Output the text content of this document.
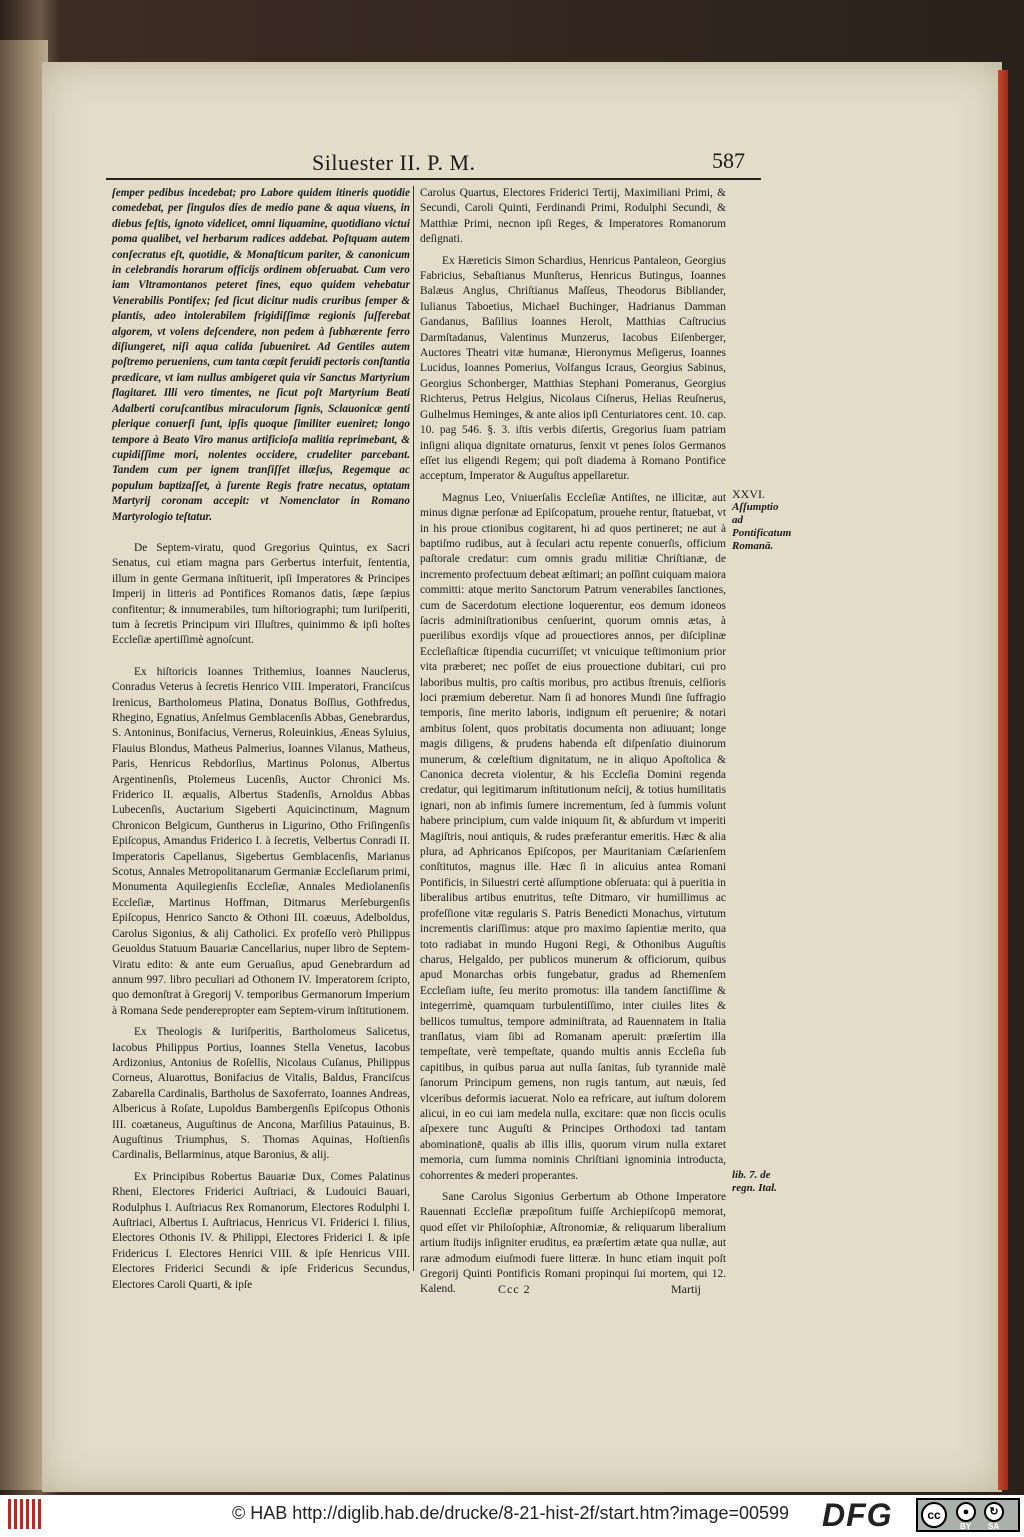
Siluester II. P. M.	587

ſemper pedibus incedebat; pro Labore quidem itineris quotidie comedebat, per ſingulos dies de medio pane & aqua viuens, in diebus feſtis, ignoto videlicet, omni liquamine, quotidiano victui poma qualibet, vel herbarum radices addebat. Poſtquam autem conſecratus eſt, quotidie, & Monaſticum pariter, & canonicum in celebrandis horarum officijs ordinem obſeruabat. Cum vero iam Vltramontanos peteret fines, equo quidem vehebatur Venerabilis Pontifex; ſed ſicut dicitur nudis cruribus ſemper & plantis, adeo intolerabilem frigidiſſimæ regionis ſuſferebat algorem, vt volens deſcendere, non pedem à ſubhærente ferro diſiungeret, niſi aqua calida ſubueniret. Ad Gentiles autem poſtremo perueniens, cum tanta cœpit feruidi pectoris conſtantia prædicare, vt iam nullus ambigeret quia vir Sanctus Martyrium flagitaret. Illi vero timentes, ne ſicut poſt Martyrium Beati Adalberti coruſcantibus miraculorum ſignis, Sclauonicæ genti plerique conuerſi ſunt, ipſis quoque ſimiliter eueniret; longo tempore à Beato Viro manus artificioſa malitia reprimebant, & cupidiſſime mori, nolentes occidere, crudeliter parcebant. Tandem cum per ignem tranſiſſet illæſus, Regemque ac populum baptizaſſet, à ſurente Regis fratre necatus, optatam Martyrij coronam accepit: vt Nomenclator in Romano Martyrologio teſtatur.

De Septem-viratu, quod Gregorius Quintus, ex Sacri Senatus, cui etiam magna pars Gerbertus interfuit, ſententia, illum in gente Germana inſtituerit, ipſi Imperatores & Principes Imperij in litteris ad Pontifices Romanos datis, ſæpe ſæpius confitentur; & innumerabiles, tum hiſtoriographi; tum Iuriſperiti, tum à ſecretis Principum viri Illuſtres, quinimmo & ipſi hoſtes Eccleſiæ apertiſſimè agnoſcunt.

Ex hiſtoricis Ioannes Trithemius, Ioannes Nauclerus, Conradus Veterus à ſecretis Henrico VIII. Imperatori, Franciſcus Irenicus, Bartholomeus Platina, Donatus Boſſius, Gothfredus, Rhegino, Egnatius, Anſelmus Gemblacenſis Abbas, Genebrardus, S. Antoninus, Bonifacius, Vernerus, Roleuinkius, Æneas Syluius, Flauius Blondus, Matheus Palmerius, Ioannes Vilanus, Matheus, Paris, Henricus Rebdorſius, Martinus Polonus, Albertus Argentinenſis, Ptolemeus Lucenſis, Auctor Chronici Ms. Friderico II. æqualis, Albertus Stadenſis, Arnoldus Abbas Lubecenſis, Auctarium Sigeberti Aquicinctinum, Magnum Chronicon Belgicum, Guntherus in Ligurino, Otho Friſingenſis Epiſcopus, Amandus Friderico I. à ſecretis, Velbertus Conradi II. Imperatoris Capellanus, Sigebertus Gemblacenſis, Marianus Scotus, Annales Metropolitanarum Germaniæ Eccleſiarum primi, Monumenta Aquilegienſis Eccleſiæ, Annales Mediolanenſis Eccleſiæ, Martinus Hoffman, Ditmarus Merſeburgenſis Epiſcopus, Henrico Sancto & Othoni III. coæuus, Adelboldus, Carolus Sigonius, & alij Catholici. Ex profeſſo verò Philippus Geuoldus Statuum Bauariæ Cancellarius, nuper libro de Septem-Viratu edito: & ante eum Geruaſius, apud Genebrardum ad annum 997. libro peculiari ad Othonem IV. Imperatorem ſcripto, quo demonſtrat à Gregorij V. temporibus Germanorum Imperium à Romana Sede penderepropter eam Septem-virum inſtitutionem.

Ex Theologis & Iuriſperitis, Bartholomeus Salicetus, Iacobus Philippus Portius, Ioannes Stella Venetus, Iacobus Ardizonius, Antonius de Roſellis, Nicolaus Cuſanus, Philippus Corneus, Aluarottus, Bonifacius de Vitalis, Baldus, Franciſcus Zabarella Cardinalis, Bartholus de Saxoferrato, Ioannes Andreas, Albericus à Roſate, Lupoldus Bambergenſis Epiſcopus Othonis III. coætaneus, Auguſtinus de Ancona, Marſilius Patauinus, B. Auguſtinus Triumphus, S. Thomas Aquinas, Hoſtienſis Cardinalis, Bellarminus, atque Baronius, & alij.

Ex Principibus Robertus Bauariæ Dux, Comes Palatinus Rheni, Electores Friderici Auſtriaci, & Ludouici Bauari, Rodulphus I. Auſtriacus Rex Romanorum, Electores Rodulphi I. Auſtriaci, Albertus I. Auſtriacus, Henricus VI. Friderici I. filius, Electores Othonis IV. & Philippi, Electores Friderici I. & ipſe Fridericus I. Electores Henrici VIII. & ipſe Henricus VIII. Electores Friderici Secundi & ipſe Fridericus Secundus, Electores Caroli Quarti, & ipſe

Carolus Quartus, Electores Friderici Tertij, Maximiliani Primi, & Secundi, Caroli Quinti, Ferdinandi Primi, Rodulphi Secundi, & Matthiæ Primi, necnon ipſi Reges, & Imperatores Romanorum deſignati.

Ex Hæreticis Simon Schardius, Henricus Pantaleon, Georgius Fabricius, Sebaſtianus Munſterus, Henricus Butingus, Ioannes Balæus Anglus, Chriſtianus Maſſeus, Theodorus Bibliander, Iulianus Taboetius, Michael Buchinger, Hadrianus Damman Gandanus, Baſilius Ioannes Herolt, Matthias Caſtrucius Darmſtadanus, Valentinus Munzerus, Iacobus Eiſenberger, Auctores Theatri vitæ humanæ, Hieronymus Meſigerus, Ioannes Lucidus, Ioannes Pomerius, Volfangus Icraus, Georgius Sabinus, Georgius Schonberger, Matthias Stephani Pomeranus, Georgius Richterus, Petrus Helgius, Nicolaus Ciſnerus, Helias Reuſnerus, Gulhelmus Heminges, & ante alios ipſi Centuriatores cent. 10. cap. 10. pag 546. §. 3. iſtis verbis diſertis, Gregorius ſuam patriam inſigni aliqua dignitate ornaturus, ſenxit vt penes ſolos Germanos eſſet ius eligendi Regem; qui poſt diadema à Romano Pontifice acceptum, Imperator & Auguſtus appellaretur.

Magnus Leo, Vniuerſalis Eccleſiæ Antiſtes, ne illicitæ, aut minus dignæ perſonæ ad Epiſcopatum, prouehe rentur, ſtatuebat, vt in his proue ctionibus cogitarent, hi ad quos pertineret; ne aut à baptiſmo rudibus, aut à ſeculari actu repente conuerſis, officium paſtorale credatur: cum omnis gradu militiæ Chriſtianæ, de incremento profectuum debeat æſtimari; an poſſint cuiquam maiora committi: atque merito Sanctorum Patrum venerabiles ſanctiones, cum de Sacerdotum electione loquerentur, eos demum idoneos ſacris adminiſtrationibus cenſuerint, quorum omnis ætas, à puerilibus exordijs vſque ad prouectiores annos, per diſciplinæ Eccleſiaſticæ ſtipendia cucurriſſet; vt vnicuique teſtimonium prior vita præberet; nec poſſet de eius prouectione dubitari, cui pro laboribus multis, pro caſtis moribus, pro actibus ſtrenuis, celſioris loci præmium deberetur. Nam ſi ad honores Mundi ſine ſuffragio temporis, ſine merito laboris, indignum eſt peruenire; & notari ambitus ſolent, quos probitatis documenta non adiuuant; longe magis diligens, & prudens habenda eſt diſpenſatio diuinorum munerum, & cœleſtium dignitatum, ne in aliquo Apoſtolica & Canonica decreta violentur, & his Eccleſia Domini regenda credatur, qui legitimarum inſtitutionum neſcij, & totius humilitatis ignari, non ab infimis ſumere incrementum, ſed à ſummis volunt habere principium, cum valde iniquum ſit, & abſurdum vt imperiti Magiſtris, noui antiquis, & rudes præferantur emeritis. Hæc & alia plura, ad Aphricanos Epiſcopos, per Mauritaniam Cæſarienſem conſtitutos, magnus ille. Hæc ſi in alicuius antea Romani Pontificis, in Siluestri certè aſſumptione obſeruata: qui à pueritia in liberalibus artibus enutritus, teſte Ditmaro, vir humillimus ac profeſſione vitæ regularis S. Patris Benedicti Monachus, virtutum incrementis clariſſimus: atque pro maximo ſapientiæ merito, qua toto radiabat in mundo Hugoni Regi, & Othonibus Auguſtis charus, Helgaldo, per publicos munerum & officiorum, quibus apud Monarchas orbis fungebatur, gradus ad Rhemenſem Eccleſiam iuſte, ſeu merito promotus: illa tandem ſanctiſſime & integerrimè, quamquam turbulentiſſimo, inter ciuiles lites & bellicos tumultus, tempore adminiſtrata, ad Rauennatem in Italia tranſlatus, viam ſibi ad Romanam aperuit: præſertim illa tempeſtate, verè tempeſtate, quando multis annis Eccleſia ſub capitibus, in quibus parua aut nulla ſanitas, ſub tyrannide malè ſanorum Principum gemens, non rugis tantum, aut næuis, ſed vlceribus deformis iacuerat. Nolo ea refricare, aut iuſtum dolorem alicui, in eo cui iam medela nulla, excitare: quæ non ſiccis oculis aſpexere tunc Auguſti & Principes Orthodoxi tad tantam abominationē, qualis ab illis illis, quorum virum nulla extaret memoria, cum ſumma nominis Chriſtiani ignominia introducta, cohorrentes & mederi properantes.

Sane Carolus Sigonius Gerbertum ab Othone Imperatore Rauennati Eccleſiæ præpoſitum fuiſſe Archiepiſcopū memorat, quod eſſet vir Philoſophiæ, Aſtronomiæ, & reliquarum liberalium artium ſtudijs inſigniter eruditus, ea præſertim ætate qua nullæ, aut raræ admodum eiuſmodi fuere litteræ. In hunc etiam inquit poſt Gregorij Quinti Pontificis Romani propinqui ſui mortem, qui 12. Kalend.

XXVI.
Aſſumptio ad Pontificatum Romanā.
lib. 7. de regn. Ital.
Ccc 2	Martij
© HAB http://diglib.hab.de/drucke/8-21-hist-2f/start.htm?image=00599 DFG	cc	●	↻
BY SA
